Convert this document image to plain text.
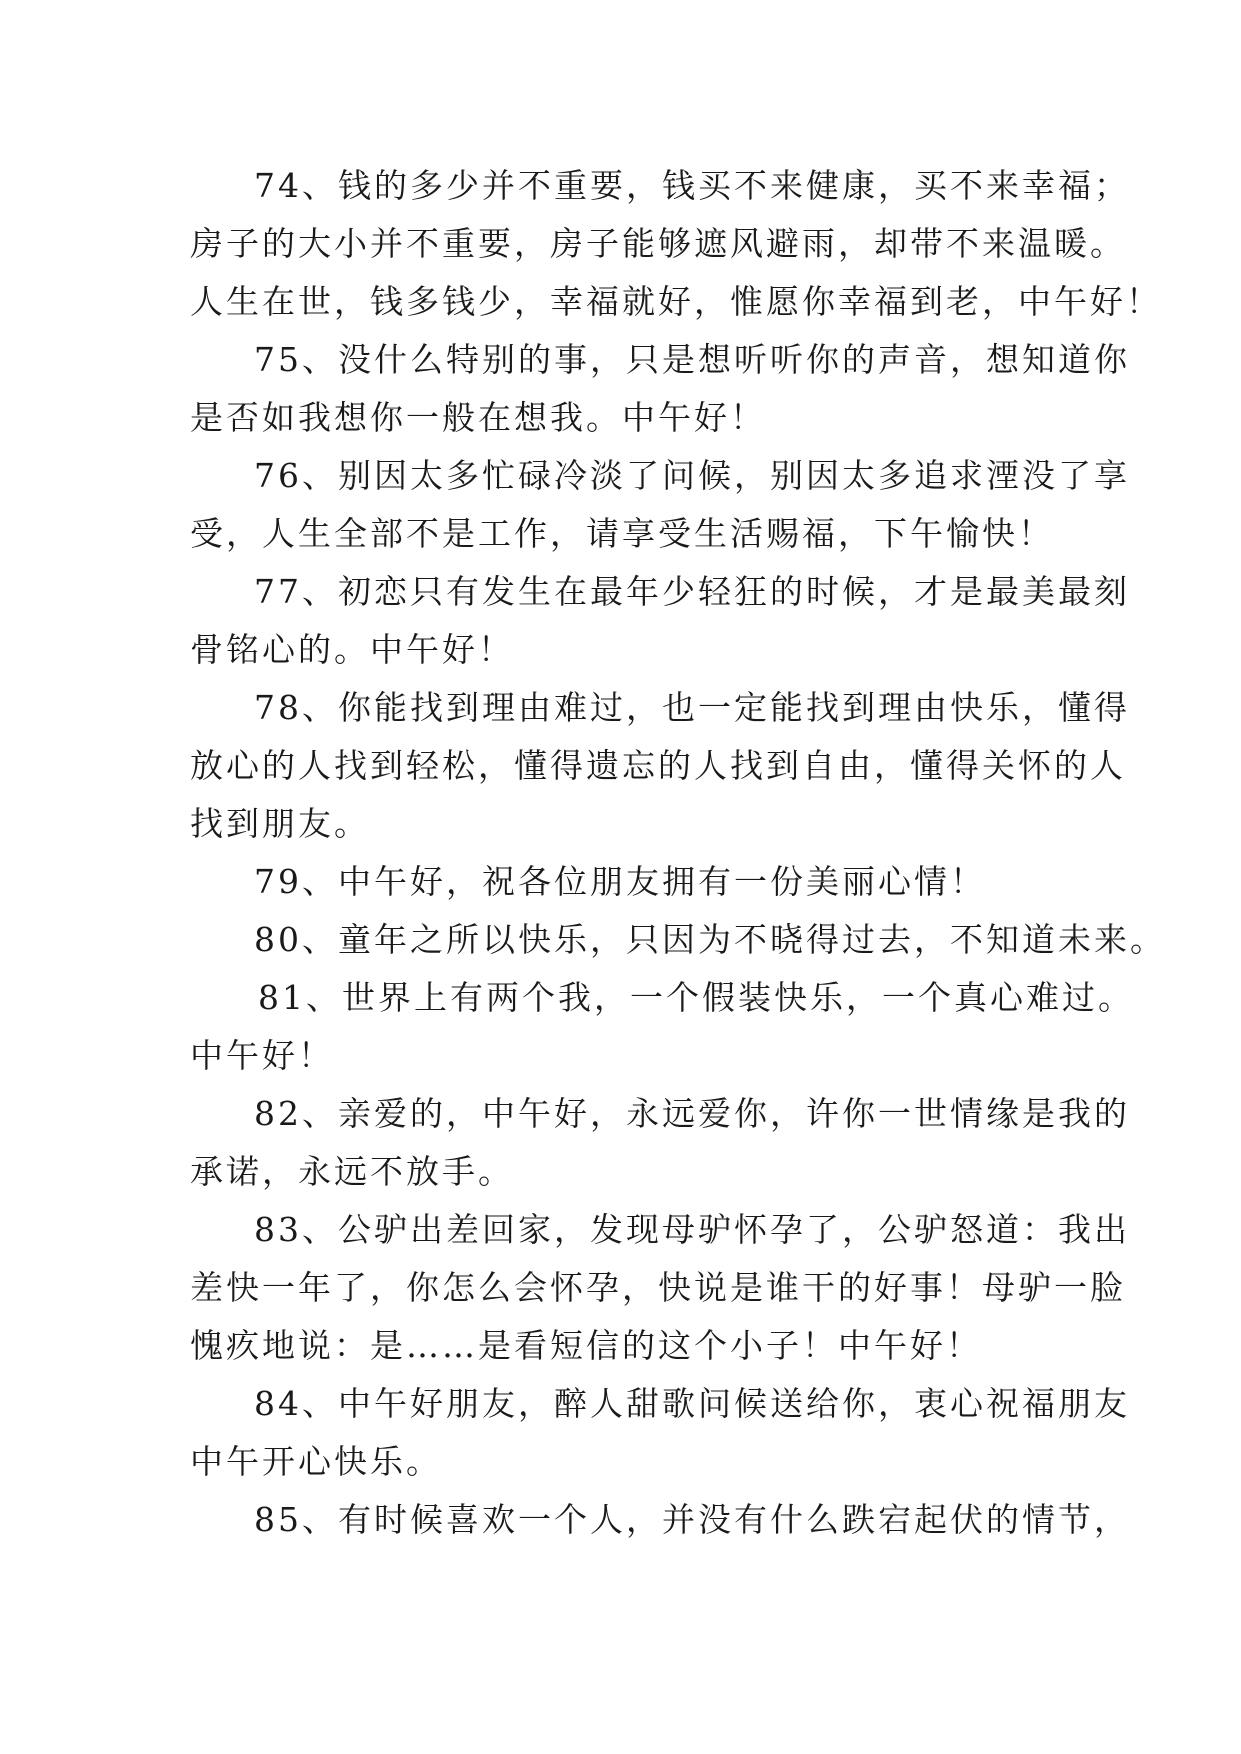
74、钱的多少并不重要，钱买不来健康，买不来幸福；
房子的大小并不重要，房子能够遮风避雨，却带不来温暖。
人生在世，钱多钱少，幸福就好，惟愿你幸福到老，中午好！
75、没什么特别的事，只是想听听你的声音，想知道你
是否如我想你一般在想我。中午好！
76、别因太多忙碌冷淡了问候，别因太多追求湮没了享
受，人生全部不是工作，请享受生活赐福，下午愉快！
77、初恋只有发生在最年少轻狂的时候，才是最美最刻
骨铭心的。中午好！
78、你能找到理由难过，也一定能找到理由快乐，懂得
放心的人找到轻松，懂得遗忘的人找到自由，懂得关怀的人
找到朋友。
79、中午好，祝各位朋友拥有一份美丽心情！
80、童年之所以快乐，只因为不晓得过去，不知道未来。
81、世界上有两个我，一个假装快乐，一个真心难过。
中午好！
82、亲爱的，中午好，永远爱你，许你一世情缘是我的
承诺，永远不放手。
83、公驴出差回家，发现母驴怀孕了，公驴怒道：我出
差快一年了，你怎么会怀孕，快说是谁干的好事！母驴一脸
愧疚地说：是……是看短信的这个小子！中午好！
84、中午好朋友，醉人甜歌问候送给你，衷心祝福朋友
中午开心快乐。
85、有时候喜欢一个人，并没有什么跌宕起伏的情节，
